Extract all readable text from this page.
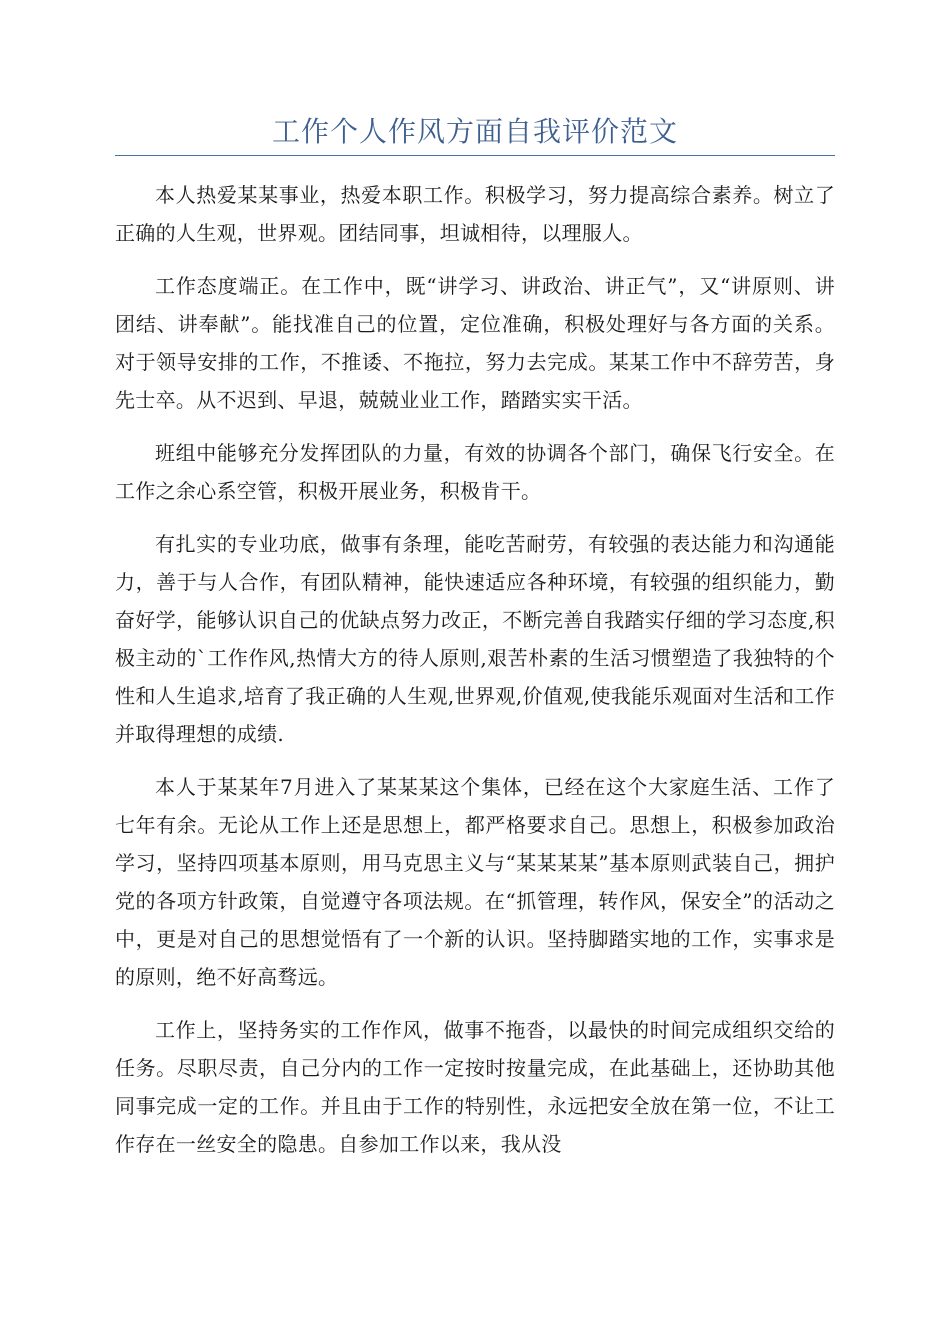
工作个人作风方面自我评价范文

本人热爱某某事业，热爱本职工作。积极学习，努力提高综合素养。树立了正确的人生观，世界观。团结同事，坦诚相待，以理服人。

工作态度端正。在工作中，既“讲学习、讲政治、讲正气”，又“讲原则、讲团结、讲奉献”。能找准自己的位置，定位准确，积极处理好与各方面的关系。对于领导安排的工作，不推诿、不拖拉，努力去完成。某某工作中不辞劳苦，身先士卒。从不迟到、早退，兢兢业业工作，踏踏实实干活。

班组中能够充分发挥团队的力量，有效的协调各个部门，确保飞行安全。在工作之余心系空管，积极开展业务，积极肯干。

有扎实的专业功底，做事有条理，能吃苦耐劳，有较强的表达能力和沟通能力，善于与人合作，有团队精神，能快速适应各种环境，有较强的组织能力，勤奋好学，能够认识自己的优缺点努力改正，不断完善自我踏实仔细的学习态度,积极主动的`工作作风,热情大方的待人原则,艰苦朴素的生活习惯塑造了我独特的个性和人生追求,培育了我正确的人生观,世界观,价值观,使我能乐观面对生活和工作并取得理想的成绩.

本人于某某年7月进入了某某某这个集体，已经在这个大家庭生活、工作了七年有余。无论从工作上还是思想上，都严格要求自己。思想上，积极参加政治学习，坚持四项基本原则，用马克思主义与“某某某某”基本原则武装自己，拥护党的各项方针政策，自觉遵守各项法规。在“抓管理，转作风，保安全”的活动之中，更是对自己的思想觉悟有了一个新的认识。坚持脚踏实地的工作，实事求是的原则，绝不好高骛远。

工作上，坚持务实的工作作风，做事不拖沓，以最快的时间完成组织交给的任务。尽职尽责，自己分内的工作一定按时按量完成，在此基础上，还协助其他同事完成一定的工作。并且由于工作的特别性，永远把安全放在第一位，不让工作存在一丝安全的隐患。自参加工作以来，我从没
